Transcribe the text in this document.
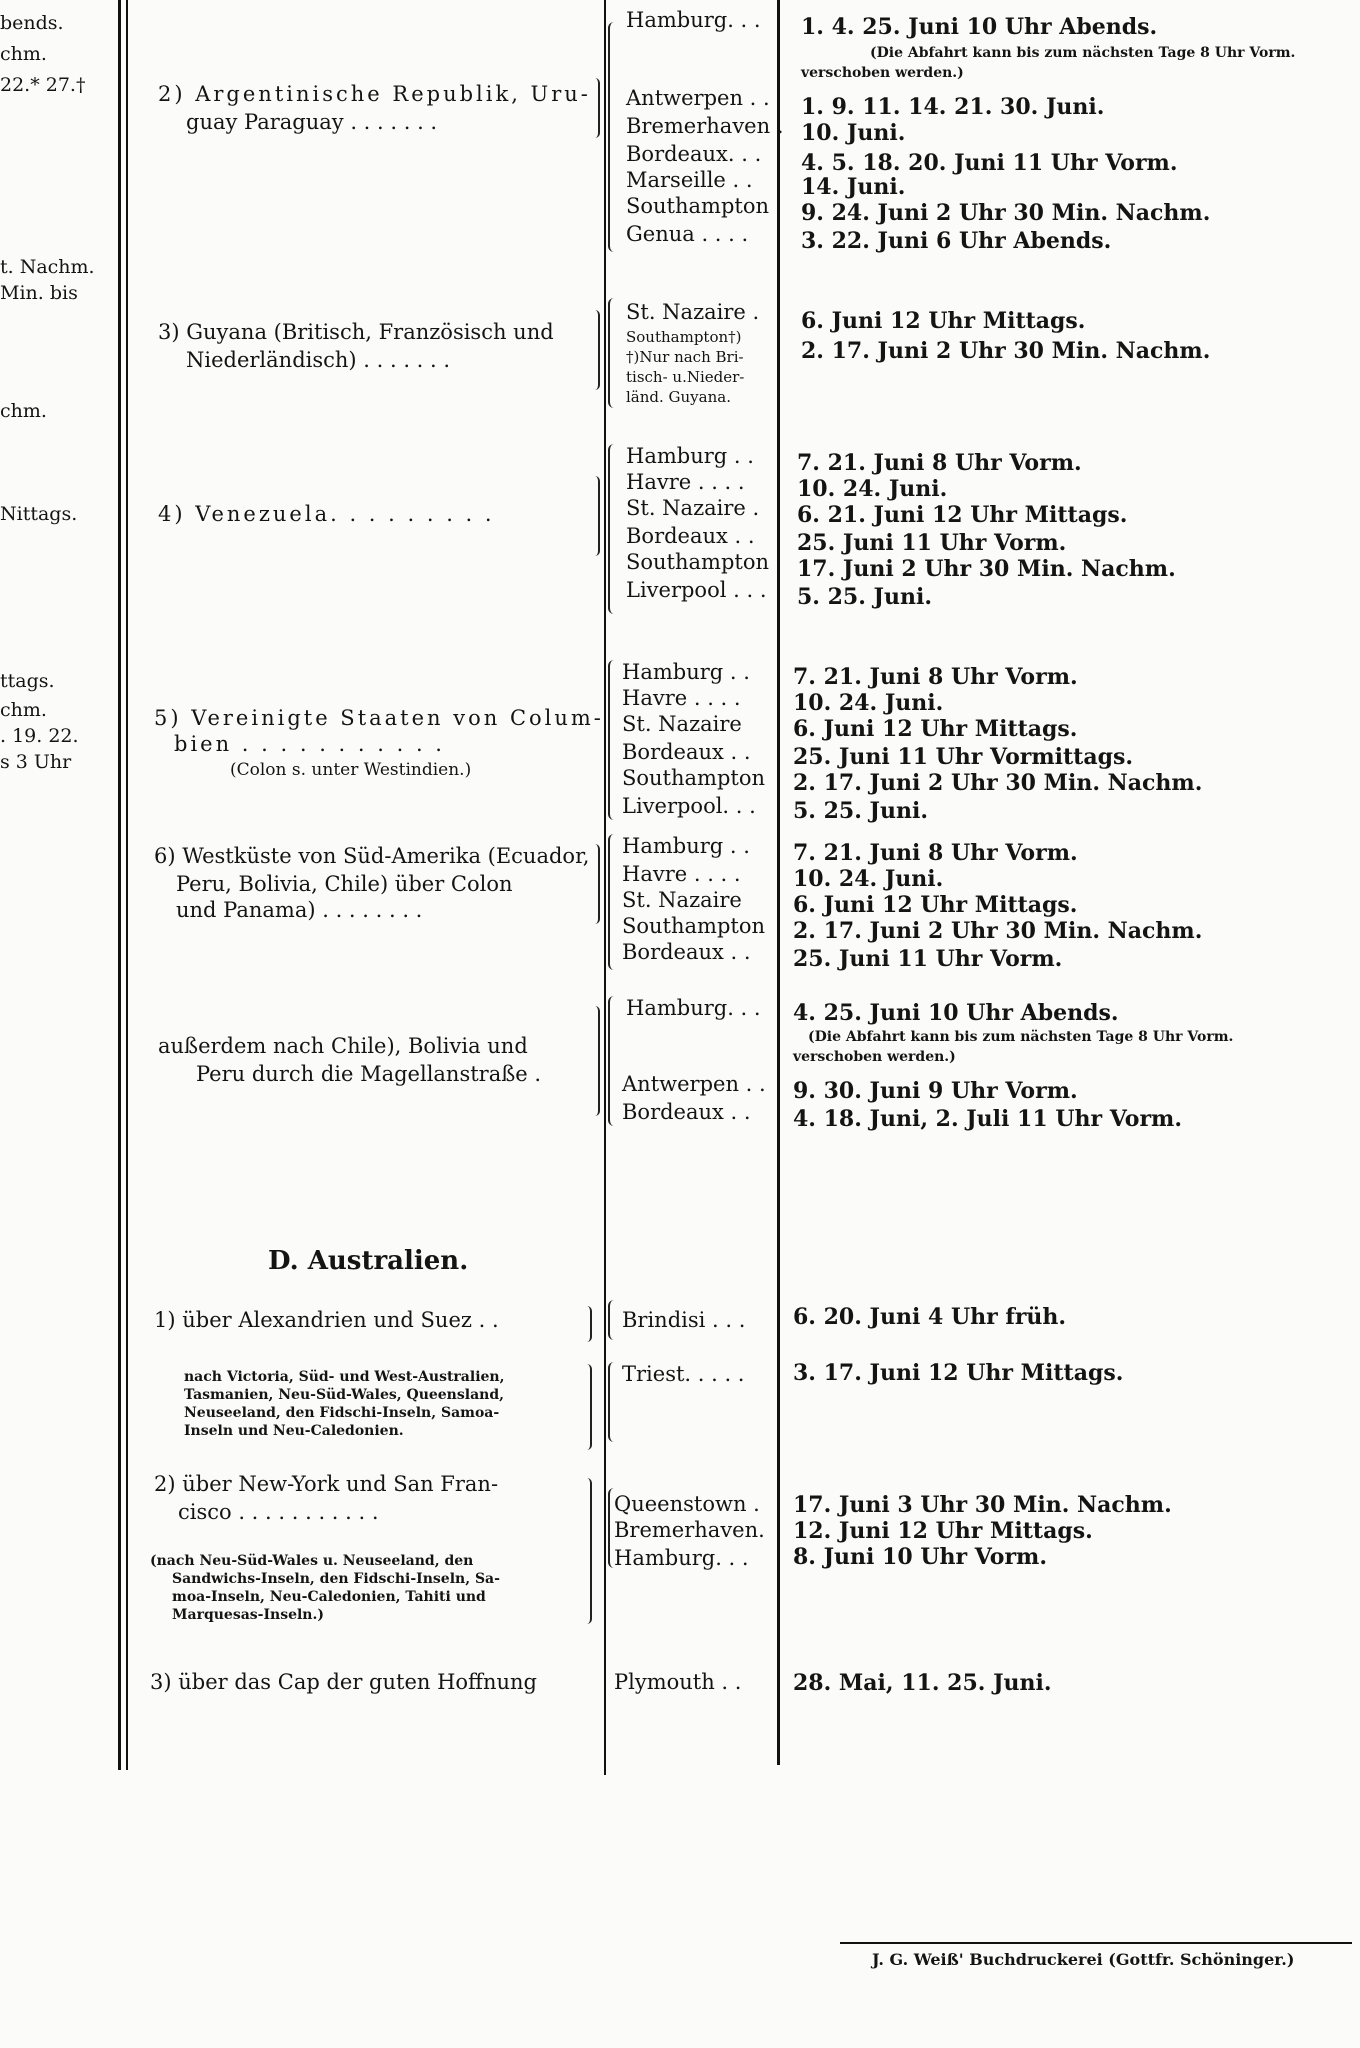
bends.
chm.
22.* 27.†
t. Nachm.
Min. bis
chm.
Nittags.
ttags.
chm.
. 19. 22.
s 3 Uhr
Hamburg. . . 1. 4. 25. Juni 10 Uhr Abends.
(Die Abfahrt kann bis zum nächsten Tage 8 Uhr Vorm.
verschoben werden.)
2) Argentinische Republik, Uru-
guay Paraguay . . . . . . .
Antwerpen . .
Bremerhaven .
Bordeaux. . .
Marseille . .
Southampton
Genua . . . .
1. 9. 11. 14. 21. 30. Juni.
10. Juni.
4. 5. 18. 20. Juni 11 Uhr Vorm.
14. Juni.
9. 24. Juni 2 Uhr 30 Min. Nachm.
3. 22. Juni 6 Uhr Abends.
3) Guyana (Britisch, Französisch und
Niederländisch) . . . . . . .
St. Nazaire .
Southampton†)
†)Nur nach Bri-
tisch- u.Nieder-
länd. Guyana.
6. Juni 12 Uhr Mittags.
2. 17. Juni 2 Uhr 30 Min. Nachm.
4) Venezuela. . . . . . . . .
Hamburg . .
Havre . . . .
St. Nazaire .
Bordeaux . .
Southampton
Liverpool . . .
7. 21. Juni 8 Uhr Vorm.
10. 24. Juni.
6. 21. Juni 12 Uhr Mittags.
25. Juni 11 Uhr Vorm.
17. Juni 2 Uhr 30 Min. Nachm.
5. 25. Juni.
5) Vereinigte Staaten von Colum-
bien . . . . . . . . . . .
(Colon s. unter Westindien.)
Hamburg . .
Havre . . . .
St. Nazaire
Bordeaux . .
Southampton
Liverpool. . .
7. 21. Juni 8 Uhr Vorm.
10. 24. Juni.
6. Juni 12 Uhr Mittags.
25. Juni 11 Uhr Vormittags.
2. 17. Juni 2 Uhr 30 Min. Nachm.
5. 25. Juni.
6) Westküste von Süd-Amerika (Ecuador,
Peru, Bolivia, Chile) über Colon
und Panama) . . . . . . . .
Hamburg . .
Havre . . . .
St. Nazaire
Southampton
Bordeaux . .
7. 21. Juni 8 Uhr Vorm.
10. 24. Juni.
6. Juni 12 Uhr Mittags.
2. 17. Juni 2 Uhr 30 Min. Nachm.
25. Juni 11 Uhr Vorm.
außerdem nach Chile), Bolivia und
Peru durch die Magellanstraße .
Hamburg. . .
Antwerpen . .
Bordeaux . .
4. 25. Juni 10 Uhr Abends.
(Die Abfahrt kann bis zum nächsten Tage 8 Uhr Vorm.
verschoben werden.)
9. 30. Juni 9 Uhr Vorm.
4. 18. Juni, 2. Juli 11 Uhr Vorm.
D. Australien.
1) über Alexandrien und Suez . .	Brindisi . . . 6. 20. Juni 4 Uhr früh.
nach Victoria, Süd- und West-Australien,
Tasmanien, Neu-Süd-Wales, Queensland,
Neuseeland, den Fidschi-Inseln, Samoa-
Inseln und Neu-Caledonien.
Triest. . . . . 3. 17. Juni 12 Uhr Mittags.
2) über New-York und San Fran-
cisco . . . . . . . . . . .
(nach Neu-Süd-Wales u. Neuseeland, den
Sandwichs-Inseln, den Fidschi-Inseln, Sa-
moa-Inseln, Neu-Caledonien, Tahiti und
Marquesas-Inseln.)
Queenstown .
Bremerhaven.
Hamburg. . .
17. Juni 3 Uhr 30 Min. Nachm.
12. Juni 12 Uhr Mittags.
8. Juni 10 Uhr Vorm.
3) über das Cap der guten Hoffnung	Plymouth . . 28. Mai, 11. 25. Juni.
J. G. Weiß' Buchdruckerei (Gottfr. Schöninger.)
